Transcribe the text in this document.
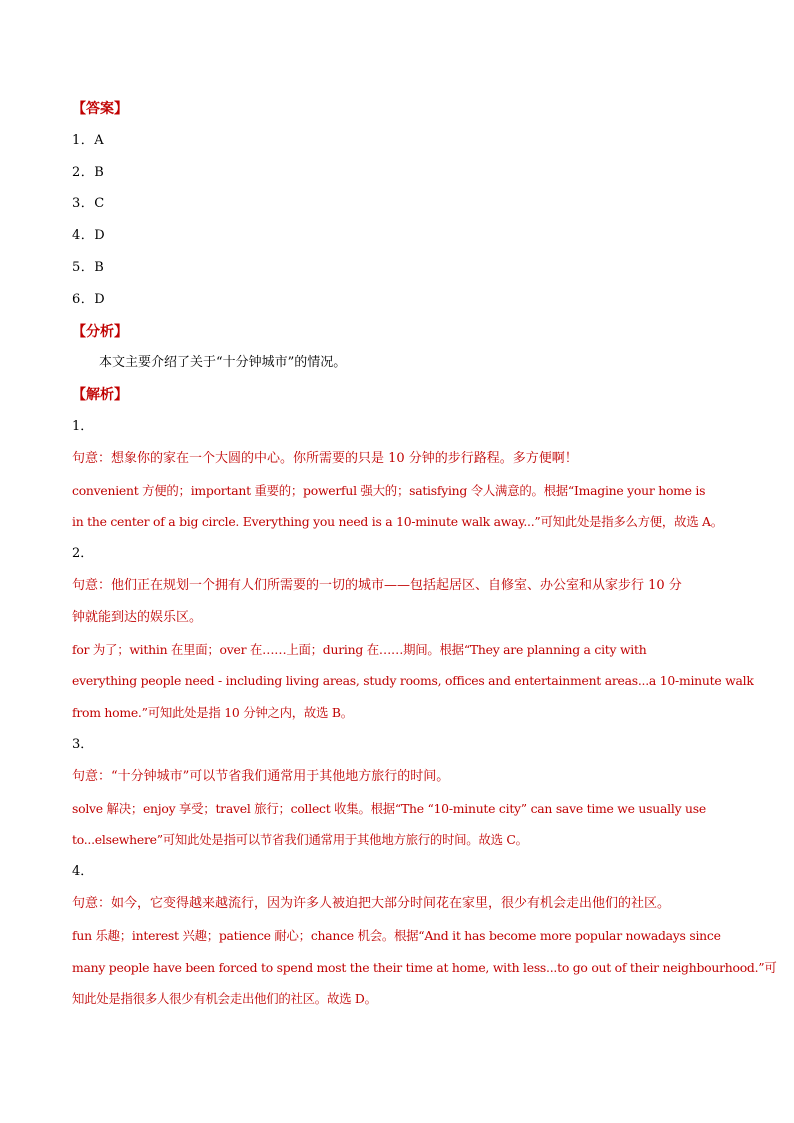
【答案】
1．A
2．B
3．C
4．D
5．B
6．D
【分析】
本文主要介绍了关于“十分钟城市”的情况。
【解析】
1．
句意：想象你的家在一个大圆的中心。你所需要的只是 10 分钟的步行路程。多方便啊！
convenient 方便的；important 重要的；powerful 强大的；satisfying 令人满意的。根据“Imagine your home is
in the center of a big circle. Everything you need is a 10-minute walk away...”可知此处是指多么方便，故选 A。
2．
句意：他们正在规划一个拥有人们所需要的一切的城市——包括起居区、自修室、办公室和从家步行 10 分
钟就能到达的娱乐区。
for 为了；within 在里面；over 在……上面；during 在……期间。根据“They are planning a city with
everything people need - including living areas, study rooms, offices and entertainment areas...a 10-minute walk
from home.”可知此处是指 10 分钟之内，故选 B。
3．
句意：“十分钟城市”可以节省我们通常用于其他地方旅行的时间。
solve 解决；enjoy 享受；travel 旅行；collect 收集。根据“The “10-minute city” can save time we usually use
to...elsewhere”可知此处是指可以节省我们通常用于其他地方旅行的时间。故选 C。
4．
句意：如今，它变得越来越流行，因为许多人被迫把大部分时间花在家里，很少有机会走出他们的社区。
fun 乐趣；interest 兴趣；patience 耐心；chance 机会。根据“And it has become more popular nowadays since
many people have been forced to spend most the their time at home, with less...to go out of their neighbourhood.”可
知此处是指很多人很少有机会走出他们的社区。故选 D。
